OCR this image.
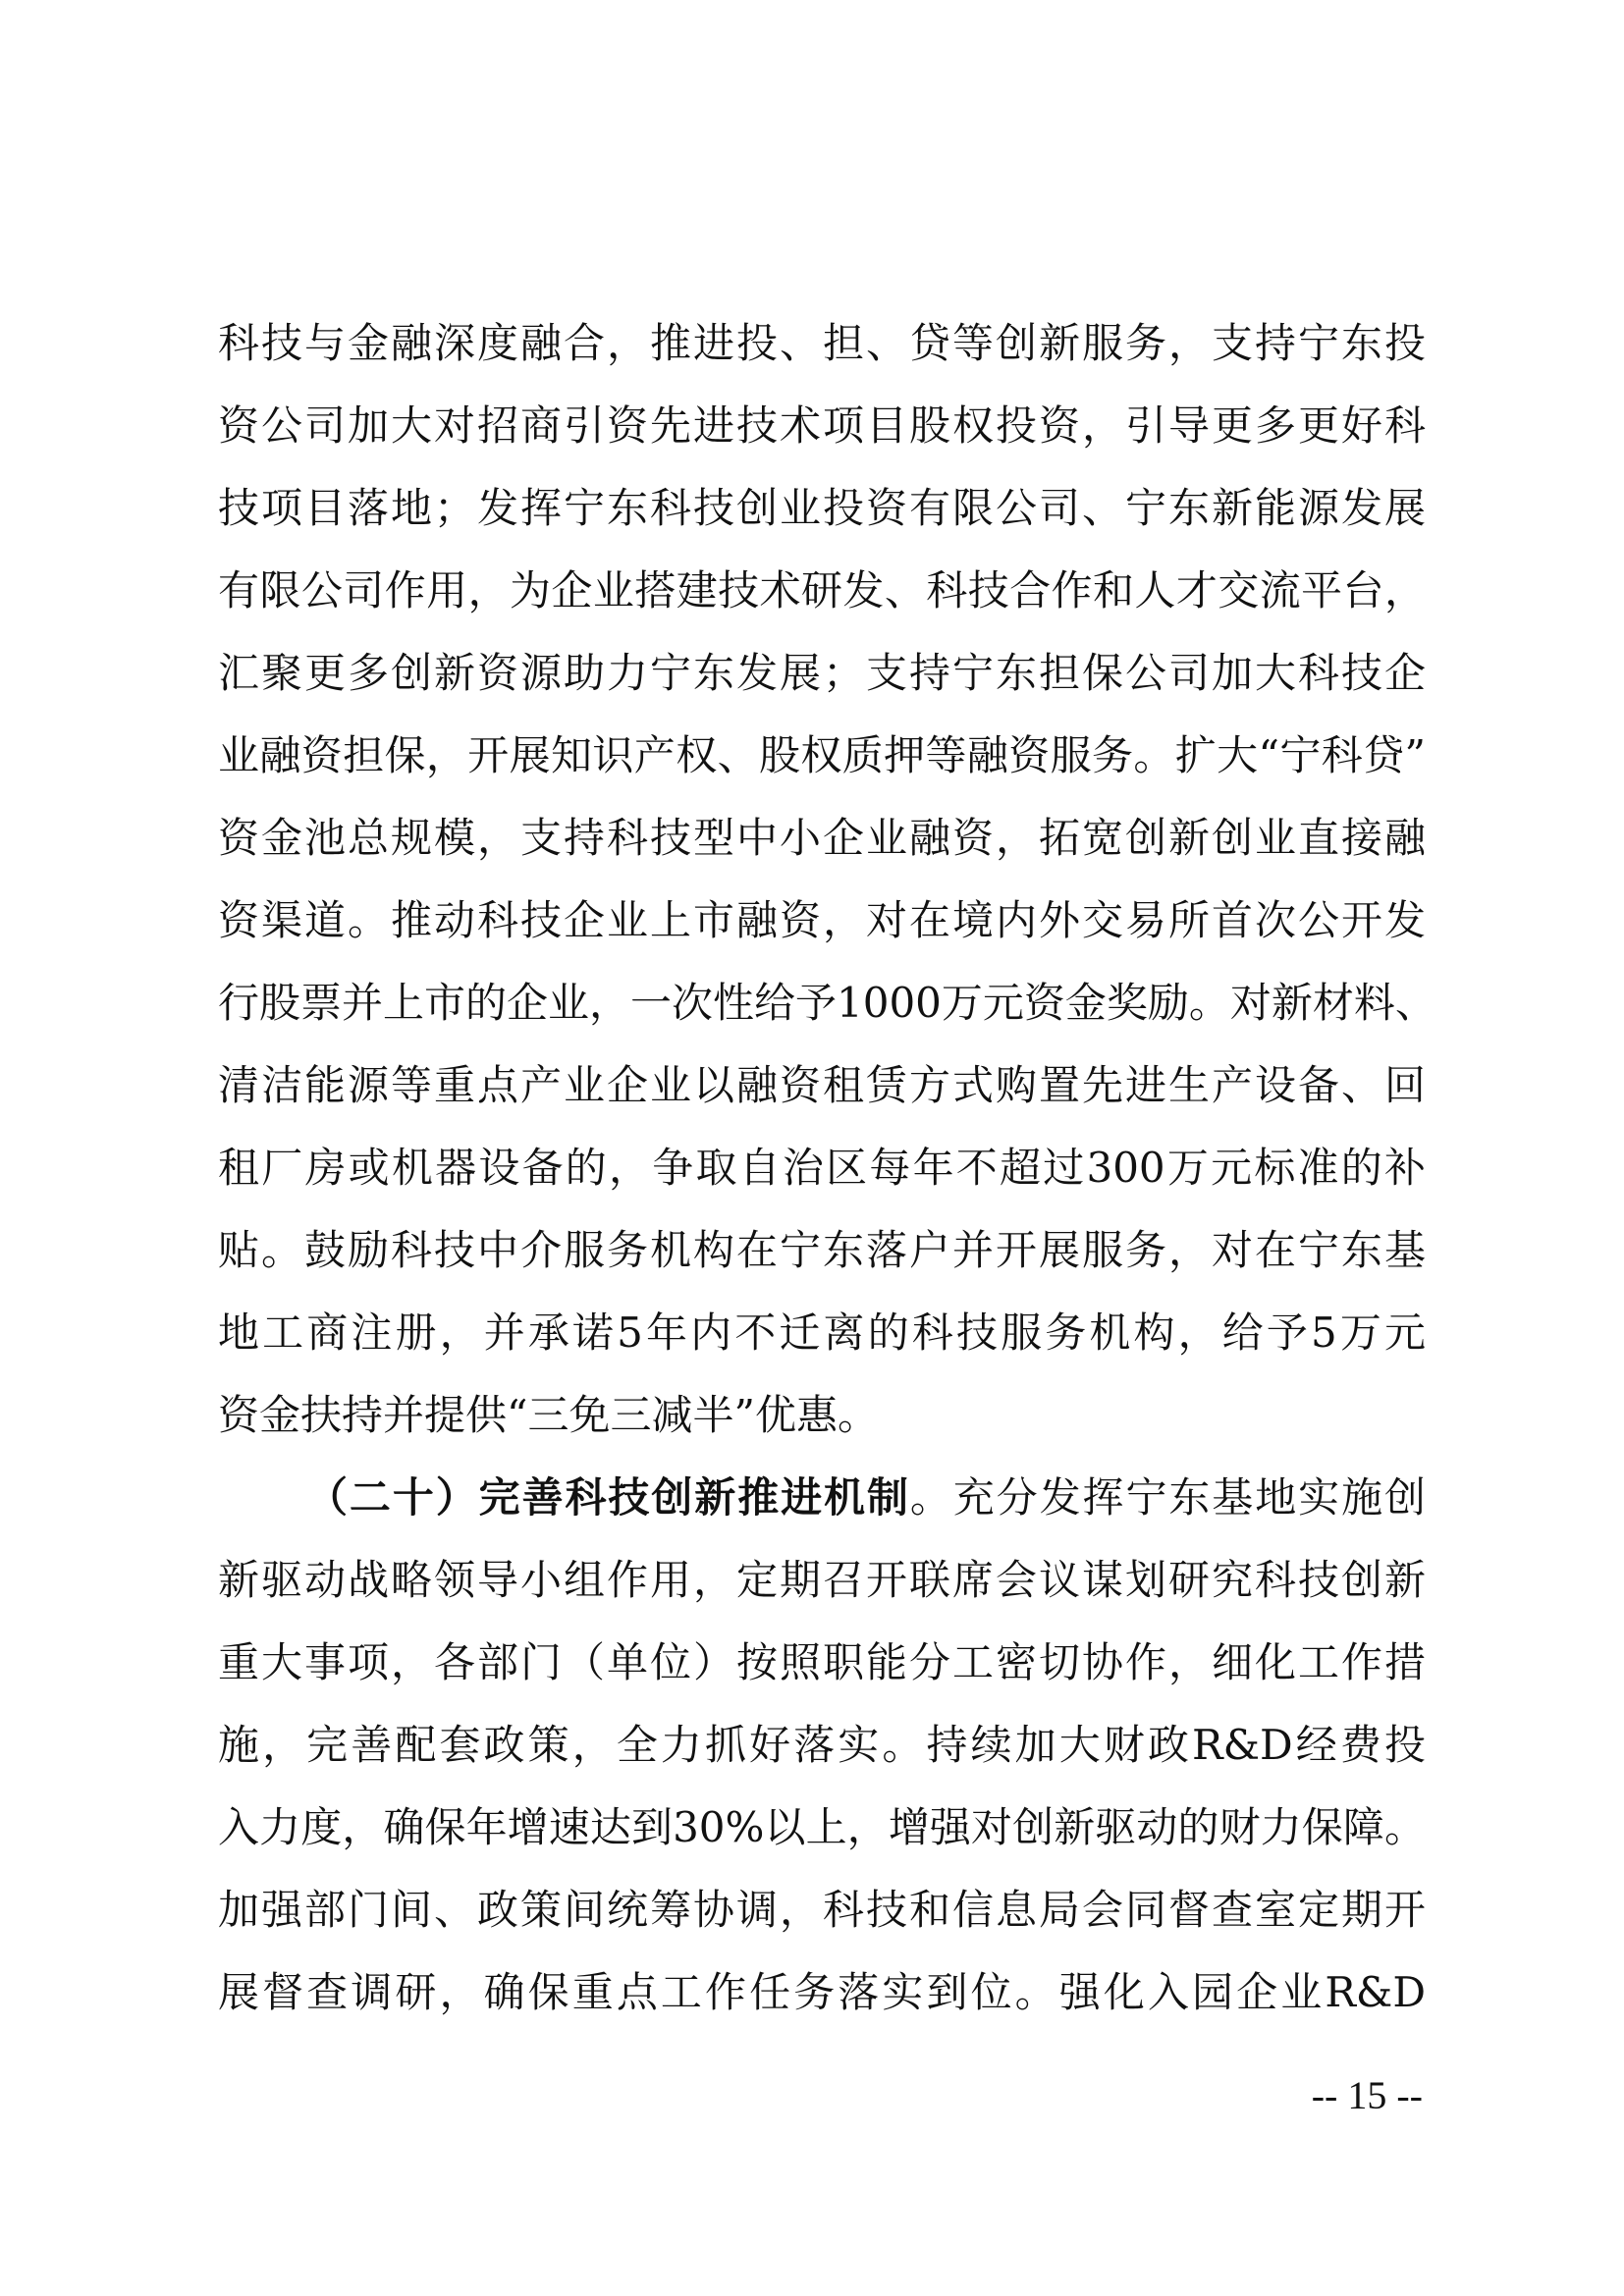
科技与金融深度融合，推进投、担、贷等创新服务，支持宁东投
资公司加大对招商引资先进技术项目股权投资，引导更多更好科
技项目落地；发挥宁东科技创业投资有限公司、宁东新能源发展
有限公司作用，为企业搭建技术研发、科技合作和人才交流平台，
汇聚更多创新资源助力宁东发展；支持宁东担保公司加大科技企
业融资担保，开展知识产权、股权质押等融资服务。扩大“宁科贷”
资金池总规模，支持科技型中小企业融资，拓宽创新创业直接融
资渠道。推动科技企业上市融资，对在境内外交易所首次公开发
行股票并上市的企业，一次性给予1000万元资金奖励。对新材料、
清洁能源等重点产业企业以融资租赁方式购置先进生产设备、回
租厂房或机器设备的，争取自治区每年不超过300万元标准的补
贴。鼓励科技中介服务机构在宁东落户并开展服务，对在宁东基
地工商注册，并承诺5年内不迁离的科技服务机构，给予5万元
资金扶持并提供“三免三减半”优惠。
（二十）完善科技创新推进机制。充分发挥宁东基地实施创
新驱动战略领导小组作用，定期召开联席会议谋划研究科技创新
重大事项，各部门（单位）按照职能分工密切协作，细化工作措
施，完善配套政策，全力抓好落实。持续加大财政R&D经费投
入力度，确保年增速达到30%以上，增强对创新驱动的财力保障。
加强部门间、政策间统筹协调，科技和信息局会同督查室定期开
展督查调研，确保重点工作任务落实到位。强化入园企业R&D
-- 15 --
